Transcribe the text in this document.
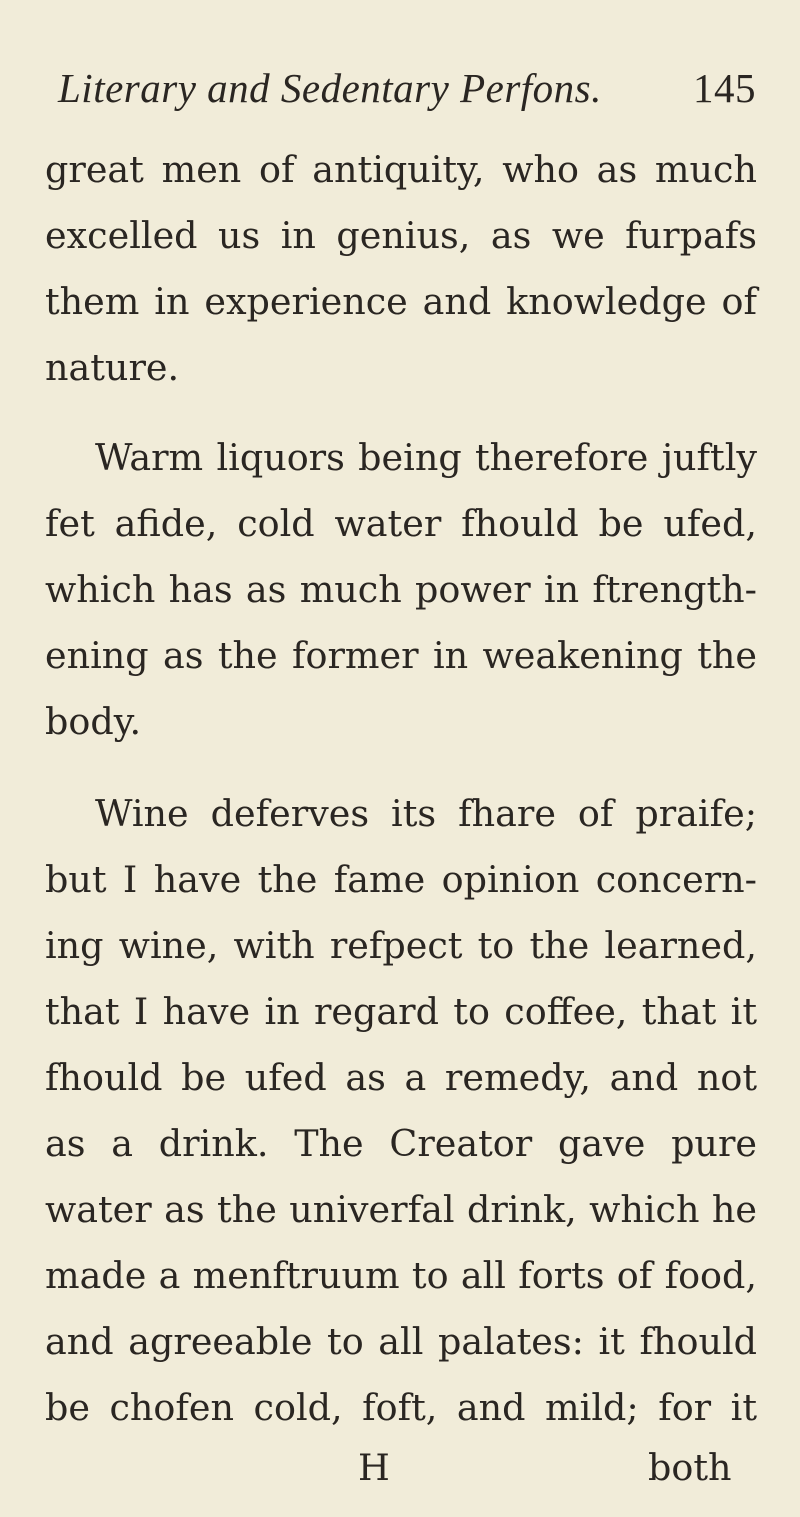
Literary and Sedentary Perfons. 145
great men of antiquity, who as much
excelled us in genius, as we furpafs
them in experience and knowledge of
nature.
Warm liquors being therefore juftly
fet afide, cold water fhould be ufed,
which has as much power in ftrength-
ening as the former in weakening the
body.
Wine deferves its fhare of praife;
but I have the fame opinion concern-
ing wine, with refpect to the learned,
that I have in regard to coffee, that it
fhould be ufed as a remedy, and not
as a drink. The Creator gave pure
water as the univerfal drink, which he
made a menftruum to all forts of food,
and agreeable to all palates: it fhould
be chofen cold, foft, and mild; for it
H	both
